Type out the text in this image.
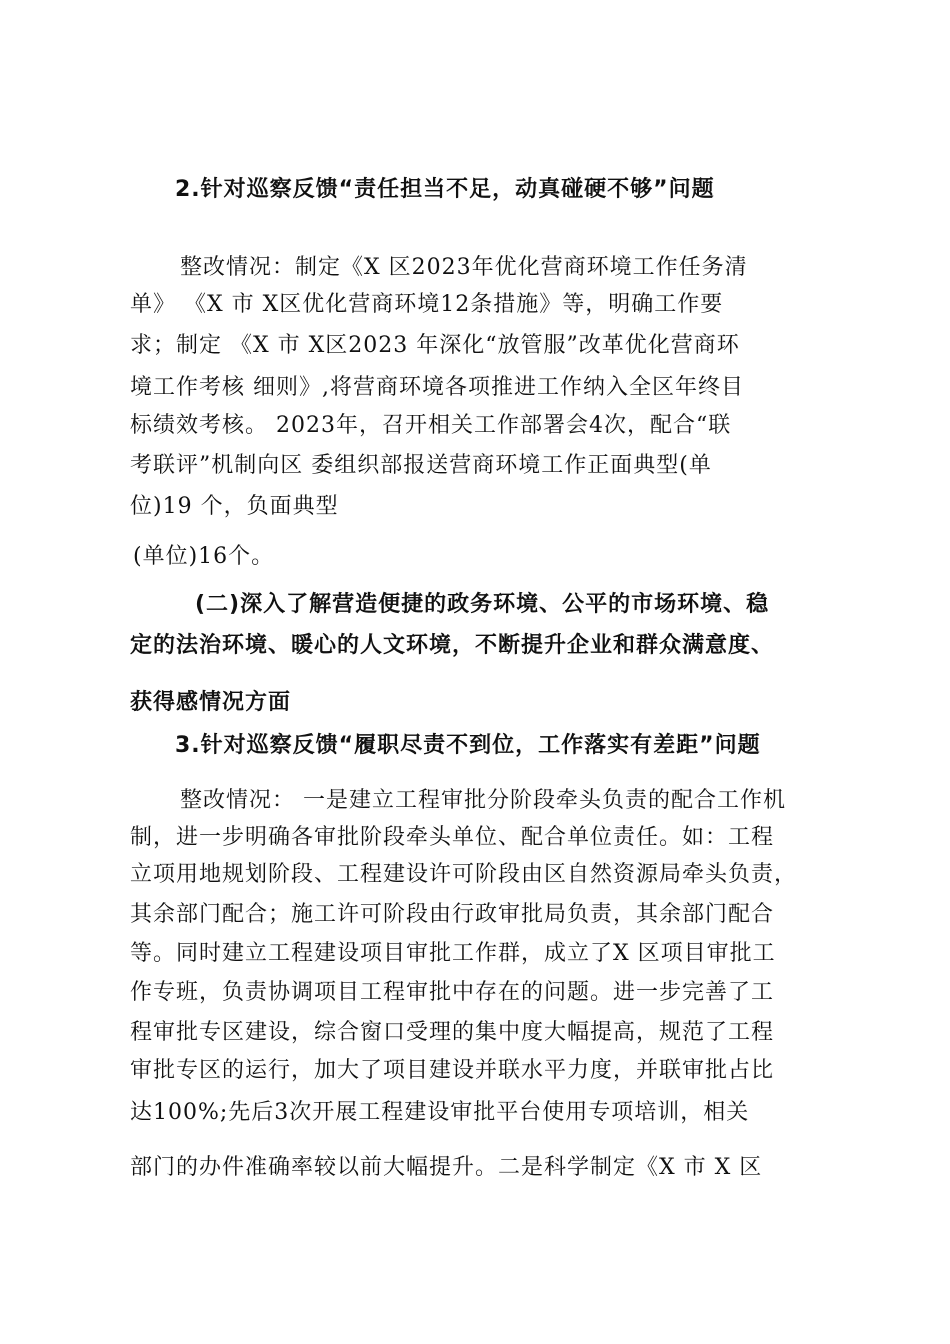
2.针对巡察反馈“责任担当不足，动真碰硬不够”问题
整改情况：制定《X 区2023年优化营商环境工作任务清
单》 《X 市 X区优化营商环境12条措施》等，明确工作要
求；制定 《X 市 X区2023 年深化“放管服”改革优化营商环
境工作考核 细则》,将营商环境各项推进工作纳入全区年终目
标绩效考核。 2023年，召开相关工作部署会4次，配合“联
考联评”机制向区 委组织部报送营商环境工作正面典型(单
位)19 个，负面典型
(单位)16个。
(二)深入了解营造便捷的政务环境、公平的市场环境、稳
定的法治环境、暖心的人文环境，不断提升企业和群众满意度、
获得感情况方面
3.针对巡察反馈“履职尽责不到位，工作落实有差距”问题
整改情况： 一是建立工程审批分阶段牵头负责的配合工作机
制，进一步明确各审批阶段牵头单位、配合单位责任。如：工程
立项用地规划阶段、工程建设许可阶段由区自然资源局牵头负责，
其余部门配合；施工许可阶段由行政审批局负责，其余部门配合
等。同时建立工程建设项目审批工作群，成立了X 区项目审批工
作专班，负责协调项目工程审批中存在的问题。进一步完善了工
程审批专区建设，综合窗口受理的集中度大幅提高，规范了工程
审批专区的运行，加大了项目建设并联水平力度，并联审批占比
达100%;先后3次开展工程建设审批平台使用专项培训，相关
部门的办件准确率较以前大幅提升。二是科学制定《X 市 X 区
